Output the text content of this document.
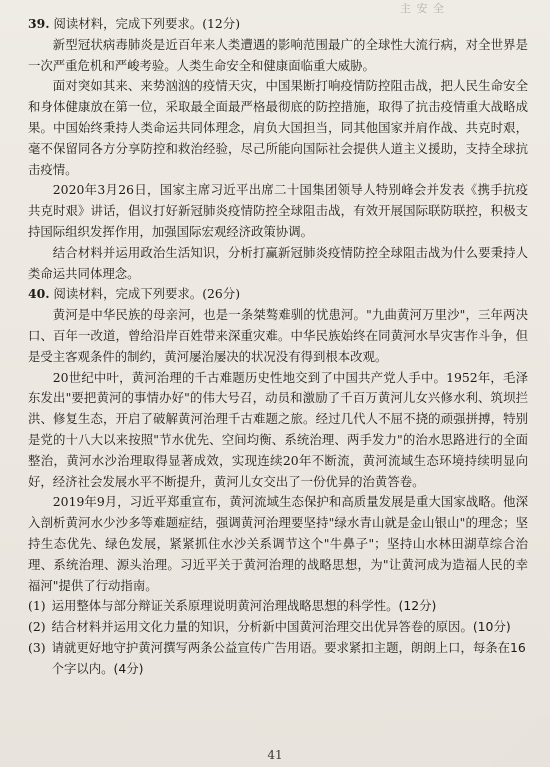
主 安 全

39. 阅读材料，完成下列要求。(12分)

新型冠状病毒肺炎是近百年来人类遭遇的影响范围最广的全球性大流行病，对全世界是一次严重危机和严峻考验。人类生命安全和健康面临重大威胁。

面对突如其来、来势汹汹的疫情天灾，中国果断打响疫情防控阻击战，把人民生命安全和身体健康放在第一位，采取最全面最严格最彻底的防控措施，取得了抗击疫情重大战略成果。中国始终秉持人类命运共同体理念，肩负大国担当，同其他国家并肩作战、共克时艰，毫不保留同各方分享防控和救治经验，尽己所能向国际社会提供人道主义援助，支持全球抗击疫情。

2020年3月26日，国家主席习近平出席二十国集团领导人特别峰会并发表《携手抗疫 共克时艰》讲话，倡议打好新冠肺炎疫情防控全球阻击战，有效开展国际联防联控，积极支持国际组织发挥作用，加强国际宏观经济政策协调。

结合材料并运用政治生活知识，分析打赢新冠肺炎疫情防控全球阻击战为什么要秉持人类命运共同体理念。

40. 阅读材料，完成下列要求。(26分)

黄河是中华民族的母亲河，也是一条桀骜难驯的忧患河。"九曲黄河万里沙"，三年两决口、百年一改道，曾给沿岸百姓带来深重灾难。中华民族始终在同黄河水旱灾害作斗争，但是受主客观条件的制约，黄河屡治屡决的状况没有得到根本改观。

20世纪中叶，黄河治理的千古难题历史性地交到了中国共产党人手中。1952年，毛泽东发出"要把黄河的事情办好"的伟大号召，动员和激励了千百万黄河儿女兴修水利、筑坝拦洪、修复生态，开启了破解黄河治理千古难题之旅。经过几代人不屈不挠的顽强拼搏，特别是党的十八大以来按照"节水优先、空间均衡、系统治理、两手发力"的治水思路进行的全面整治，黄河水沙治理取得显著成效，实现连续20年不断流，黄河流域生态环境持续明显向好，经济社会发展水平不断提升，黄河儿女交出了一份优异的治黄答卷。

2019年9月，习近平郑重宣布，黄河流域生态保护和高质量发展是重大国家战略。他深入剖析黄河水少沙多等难题症结，强调黄河治理要坚持"绿水青山就是金山银山"的理念；坚持生态优先、绿色发展，紧紧抓住水沙关系调节这个"牛鼻子"；坚持山水林田湖草综合治理、系统治理、源头治理。习近平关于黄河治理的战略思想，为"让黄河成为造福人民的幸福河"提供了行动指南。

(1) 运用整体与部分辩证关系原理说明黄河治理战略思想的科学性。(12分)

(2) 结合材料并运用文化力量的知识，分析新中国黄河治理交出优异答卷的原因。(10分)

(3) 请就更好地守护黄河撰写两条公益宣传广告用语。要求紧扣主题，朗朗上口，每条在16个字以内。(4分)

41
